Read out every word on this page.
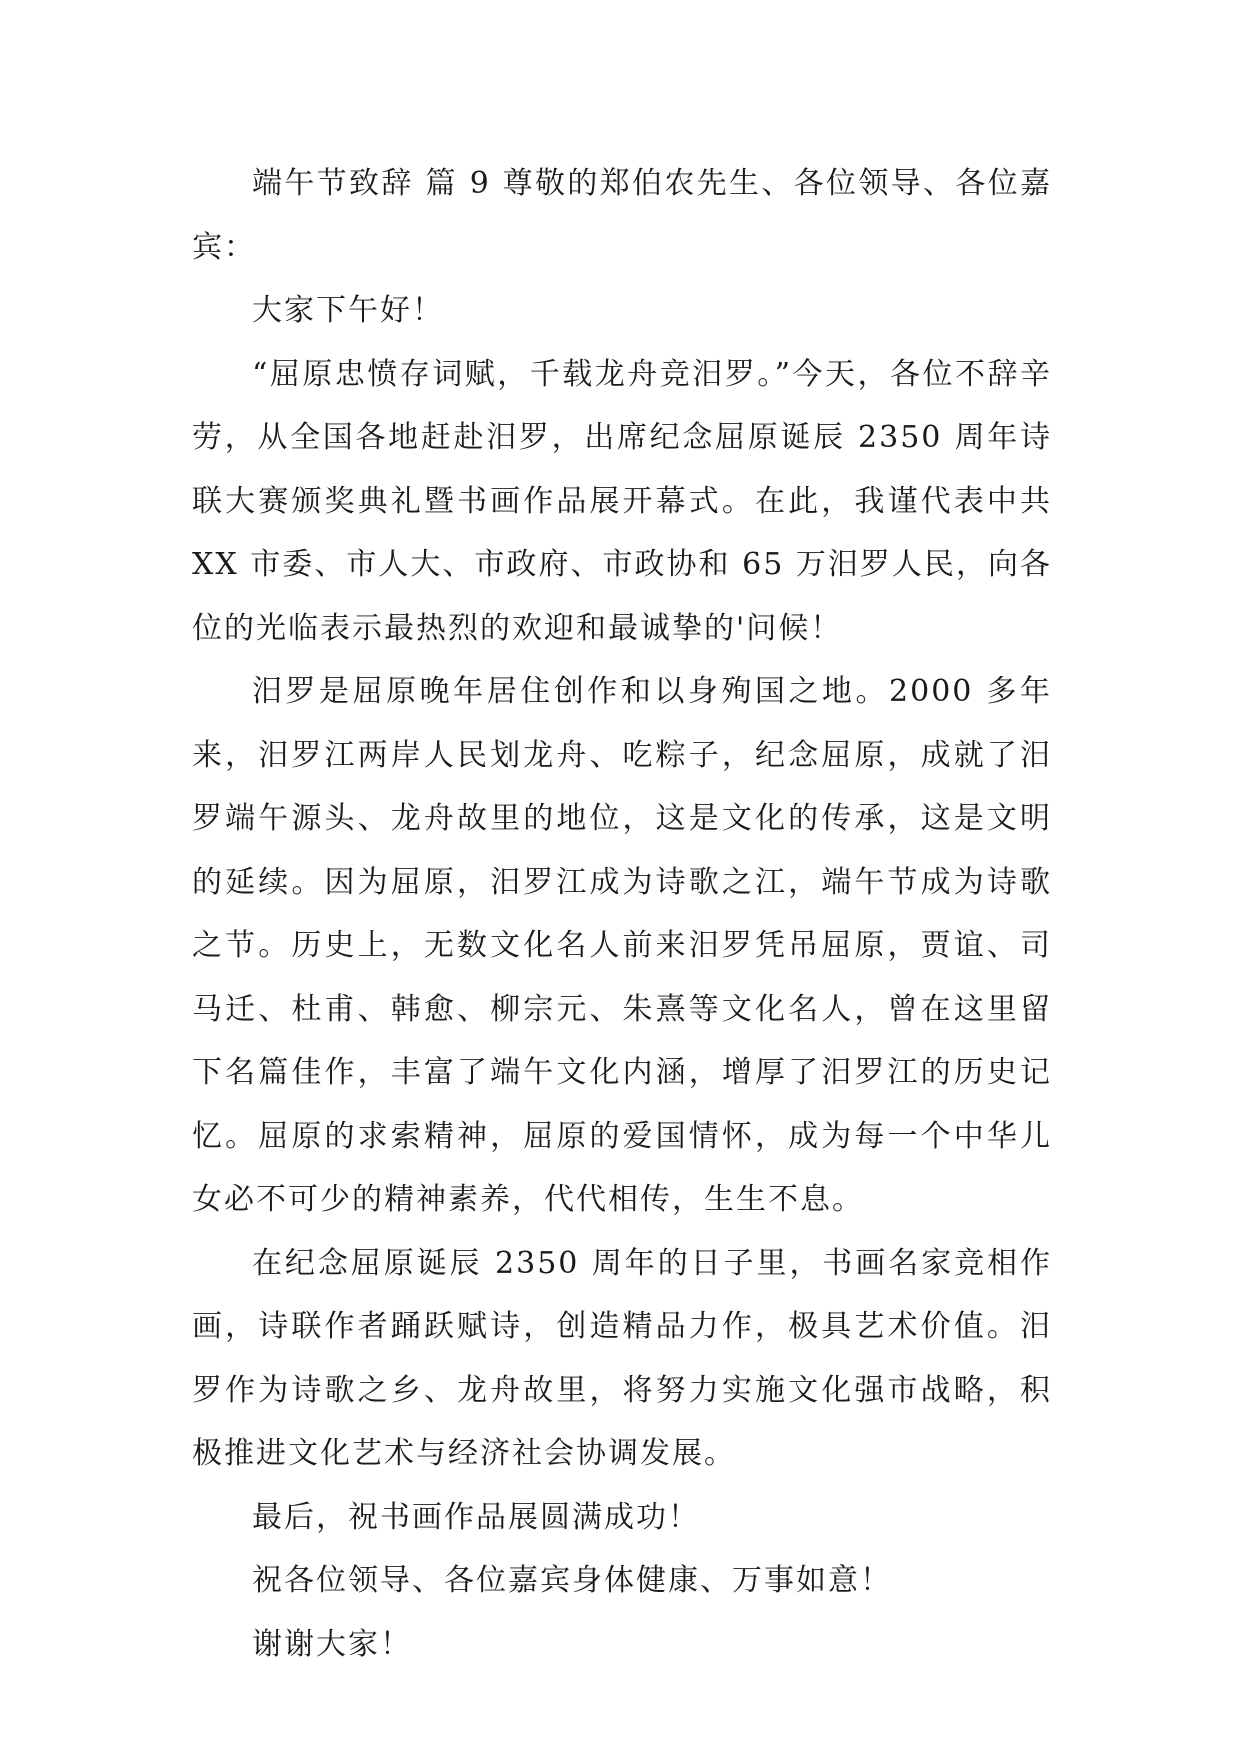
端午节致辞 篇 9 尊敬的郑伯农先生、各位领导、各位嘉宾：

大家下午好！

“屈原忠愤存词赋，千载龙舟竞汨罗。”今天，各位不辞辛劳，从全国各地赶赴汨罗，出席纪念屈原诞辰 2350 周年诗联大赛颁奖典礼暨书画作品展开幕式。在此，我谨代表中共 XX 市委、市人大、市政府、市政协和 65 万汨罗人民，向各位的光临表示最热烈的欢迎和最诚挚的'问候！

汨罗是屈原晚年居住创作和以身殉国之地。2000 多年来，汨罗江两岸人民划龙舟、吃粽子，纪念屈原，成就了汨罗端午源头、龙舟故里的地位，这是文化的传承，这是文明的延续。因为屈原，汨罗江成为诗歌之江，端午节成为诗歌之节。历史上，无数文化名人前来汨罗凭吊屈原，贾谊、司马迁、杜甫、韩愈、柳宗元、朱熹等文化名人，曾在这里留下名篇佳作，丰富了端午文化内涵，增厚了汨罗江的历史记忆。屈原的求索精神，屈原的爱国情怀，成为每一个中华儿女必不可少的精神素养，代代相传，生生不息。

在纪念屈原诞辰 2350 周年的日子里，书画名家竞相作画，诗联作者踊跃赋诗，创造精品力作，极具艺术价值。汨罗作为诗歌之乡、龙舟故里，将努力实施文化强市战略，积极推进文化艺术与经济社会协调发展。

最后，祝书画作品展圆满成功！

祝各位领导、各位嘉宾身体健康、万事如意！

谢谢大家！
